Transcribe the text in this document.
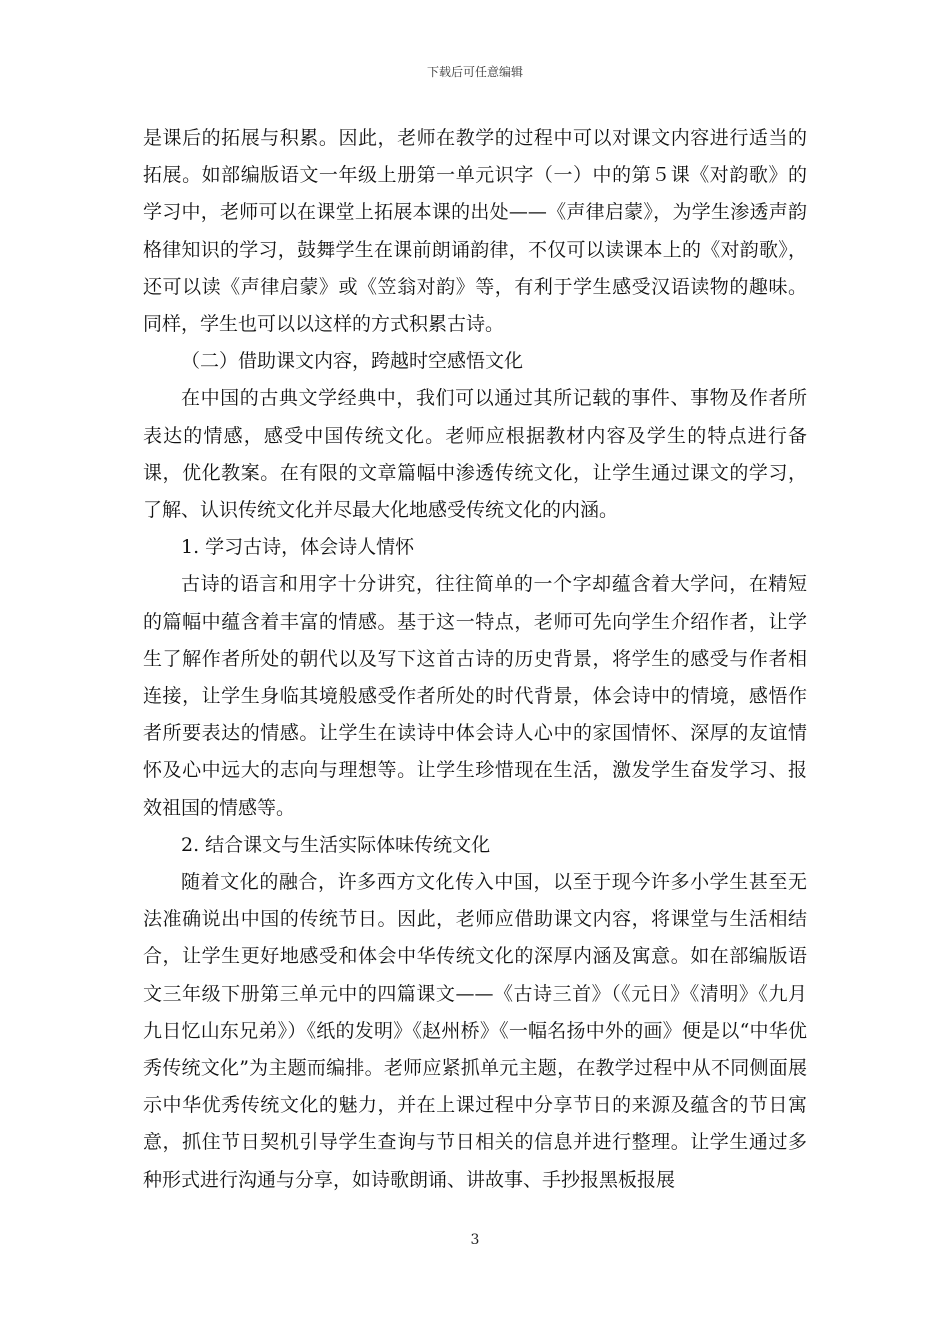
下载后可任意编辑

是课后的拓展与积累。因此，老师在教学的过程中可以对课文内容进行适当的拓展。如部编版语文一年级上册第一单元识字（一）中的第５课《对韵歌》的学习中，老师可以在课堂上拓展本课的出处——《声律启蒙》，为学生渗透声韵格律知识的学习，鼓舞学生在课前朗诵韵律，不仅可以读课本上的《对韵歌》，还可以读《声律启蒙》或《笠翁对韵》等，有利于学生感受汉语读物的趣味。同样，学生也可以以这样的方式积累古诗。

（二）借助课文内容，跨越时空感悟文化

在中国的古典文学经典中，我们可以通过其所记载的事件、事物及作者所表达的情感，感受中国传统文化。老师应根据教材内容及学生的特点进行备课，优化教案。在有限的文章篇幅中渗透传统文化，让学生通过课文的学习，了解、认识传统文化并尽最大化地感受传统文化的内涵。

1. 学习古诗，体会诗人情怀

古诗的语言和用字十分讲究，往往简单的一个字却蕴含着大学问，在精短的篇幅中蕴含着丰富的情感。基于这一特点，老师可先向学生介绍作者，让学生了解作者所处的朝代以及写下这首古诗的历史背景，将学生的感受与作者相连接，让学生身临其境般感受作者所处的时代背景，体会诗中的情境，感悟作者所要表达的情感。让学生在读诗中体会诗人心中的家国情怀、深厚的友谊情怀及心中远大的志向与理想等。让学生珍惜现在生活，激发学生奋发学习、报效祖国的情感等。

2. 结合课文与生活实际体味传统文化

随着文化的融合，许多西方文化传入中国，以至于现今许多小学生甚至无法准确说出中国的传统节日。因此，老师应借助课文内容，将课堂与生活相结合，让学生更好地感受和体会中华传统文化的深厚内涵及寓意。如在部编版语文三年级下册第三单元中的四篇课文——《古诗三首》（《元日》《清明》《九月九日忆山东兄弟》）《纸的发明》《赵州桥》《一幅名扬中外的画》便是以“中华优秀传统文化”为主题而编排。老师应紧抓单元主题，在教学过程中从不同侧面展示中华优秀传统文化的魅力，并在上课过程中分享节日的来源及蕴含的节日寓意，抓住节日契机引导学生查询与节日相关的信息并进行整理。让学生通过多种形式进行沟通与分享，如诗歌朗诵、讲故事、手抄报黑板报展

3
